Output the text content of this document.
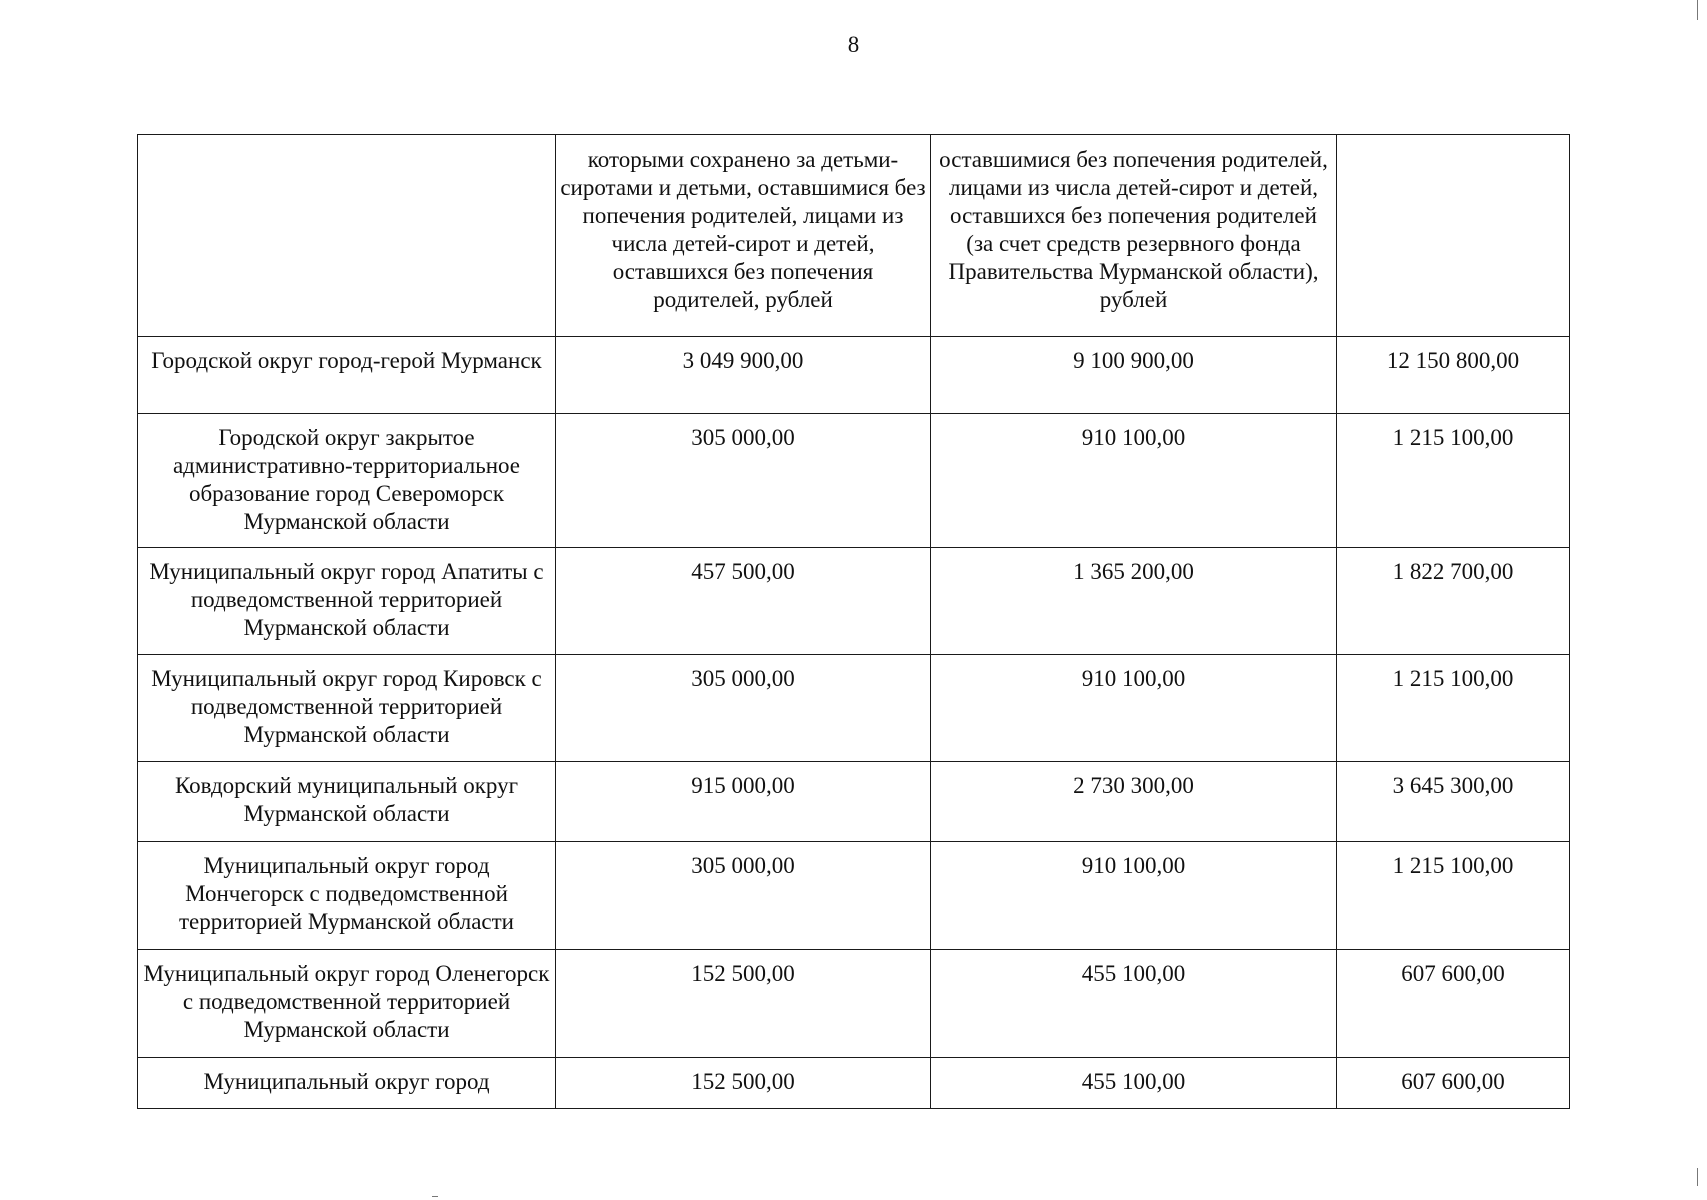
8
	которыми сохранено за детьми-сиротами и детьми, оставшимися без попечения родителей, лицами из числа детей-сирот и детей, оставшихся без попечения родителей, рублей	оставшимися без попечения родителей, лицами из числа детей-сирот и детей, оставшихся без попечения родителей (за счет средств резервного фонда Правительства Мурманской области), рублей	
Городской округ город-герой Мурманск	3 049 900,00	9 100 900,00	12 150 800,00
Городской округ закрытое административно-территориальное образование город Североморск Мурманской области	305 000,00	910 100,00	1 215 100,00
Муниципальный округ город Апатиты с подведомственной территорией Мурманской области	457 500,00	1 365 200,00	1 822 700,00
Муниципальный округ город Кировск с подведомственной территорией Мурманской области	305 000,00	910 100,00	1 215 100,00
Ковдорский муниципальный округ Мурманской области	915 000,00	2 730 300,00	3 645 300,00
Муниципальный округ город Мончегорск с подведомственной территорией Мурманской области	305 000,00	910 100,00	1 215 100,00
Муниципальный округ город Оленегорск с подведомственной территорией Мурманской области	152 500,00	455 100,00	607 600,00
Муниципальный округ город	152 500,00	455 100,00	607 600,00
